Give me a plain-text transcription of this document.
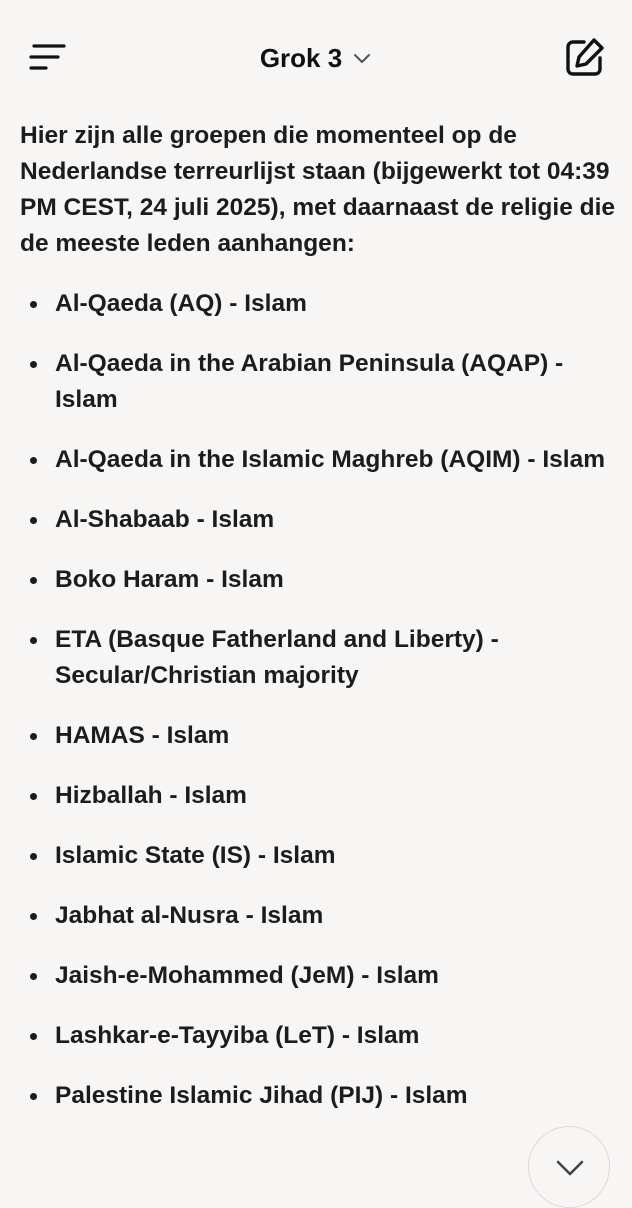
Grok 3

Hier zijn alle groepen die momenteel op de Nederlandse terreurlijst staan (bijgewerkt tot 04:39 PM CEST, 24 juli 2025), met daarnaast de religie die de meeste leden aanhangen:

Al-Qaeda (AQ) - Islam
Al-Qaeda in the Arabian Peninsula (AQAP) - Islam
Al-Qaeda in the Islamic Maghreb (AQIM) - Islam
Al-Shabaab - Islam
Boko Haram - Islam
ETA (Basque Fatherland and Liberty) - Secular/Christian majority
HAMAS - Islam
Hizballah - Islam
Islamic State (IS) - Islam
Jabhat al-Nusra - Islam
Jaish-e-Mohammed (JeM) - Islam
Lashkar-e-Tayyiba (LeT) - Islam
Palestine Islamic Jihad (PIJ) - Islam
